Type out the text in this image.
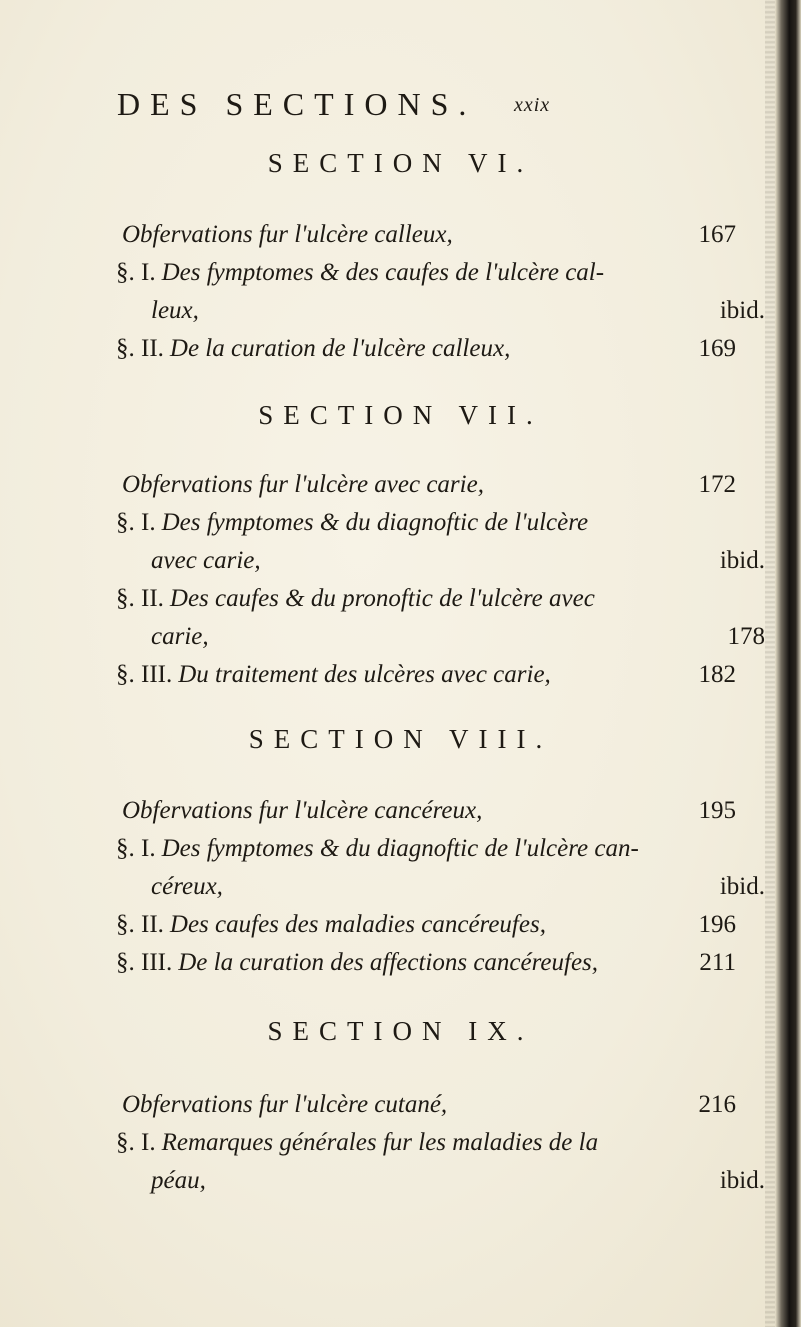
DES SECTIONS. xxix
SECTION VI.
Obfervations fur l'ulcère calleux,	167
§. I. Des fymptomes & des caufes de l'ulcère cal-
leux,	ibid.
§. II. De la curation de l'ulcère calleux,	169
SECTION VII.
Obfervations fur l'ulcère avec carie,	172
§. I. Des fymptomes & du diagnoftic de l'ulcère
avec carie,	ibid.
§. II. Des caufes & du pronoftic de l'ulcère avec
carie,	178
§. III. Du traitement des ulcères avec carie,	182
SECTION VIII.
Obfervations fur l'ulcère cancéreux,	195
§. I. Des fymptomes & du diagnoftic de l'ulcère can-
céreux,	ibid.
§. II. Des caufes des maladies cancéreufes,	196
§. III. De la curation des affections cancéreufes,	211
SECTION IX.
Obfervations fur l'ulcère cutané,	216
§. I. Remarques générales fur les maladies de la
péau,	ibid.
